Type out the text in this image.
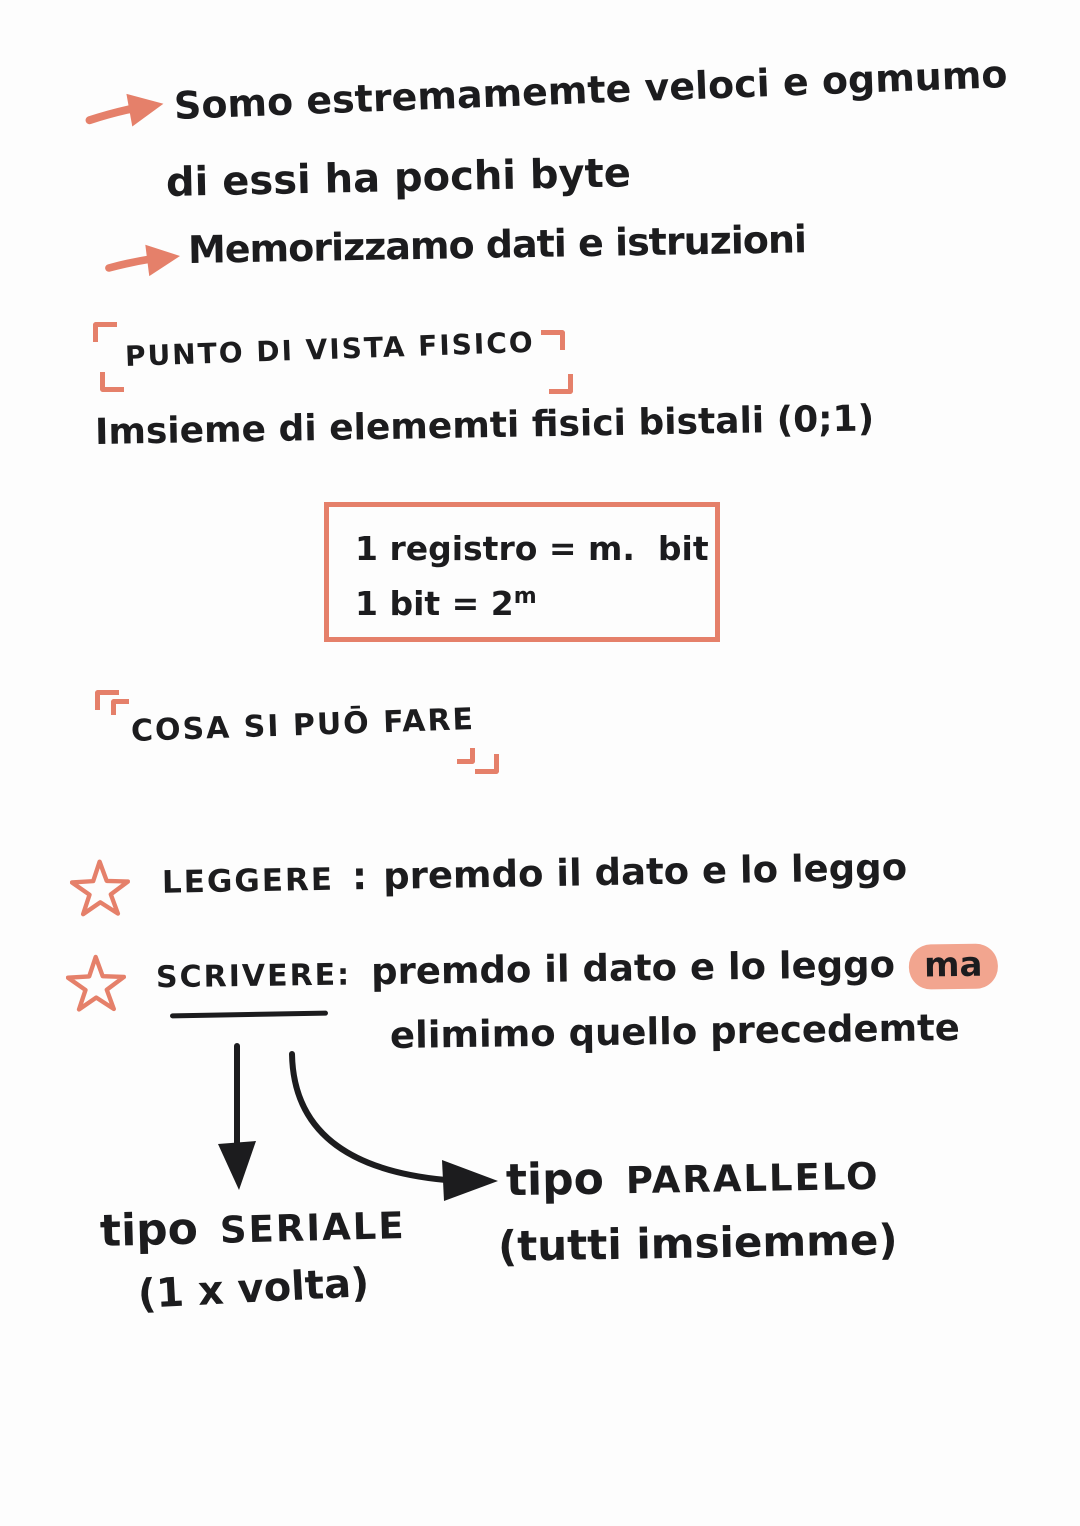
Somo estremamemte veloci e ogmumo
di essi ha pochi byte
Memorizzamo dati e istruzioni
PUNTO DI VISTA FISICO
Imsieme di elememti fisici bistali (0;1)
1 registro = m.  bit
1 bit = $2^m$
COSA SI PUŌ FARE
LEGGERE : premdo il dato e lo leggo
SCRIVERE: premdo il dato e lo leggo ma
elimimo quello precedemte
tipo SERIALE
(1 x volta)
tipo PARALLELO
(tutti imsiemme)
